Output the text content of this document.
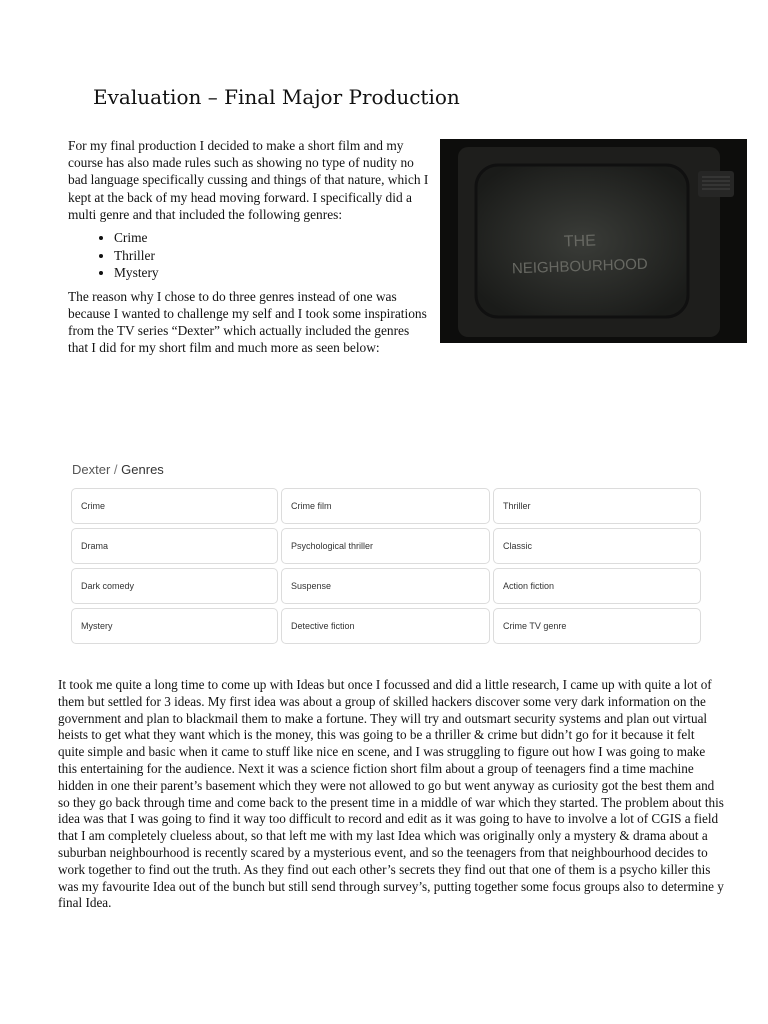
Evaluation – Final Major Production

For my final production I decided to make a short film and my course has also made rules such as showing no type of nudity no bad language specifically cussing and things of that nature, which I kept at the back of my head moving forward. I specifically did a multi genre and that included the following genres:

• Crime
• Thriller
• Mystery

The reason why I chose to do three genres instead of one was because I wanted to challenge my self and I took some inspirations from the TV series “Dexter” which actually included the genres that I did for my short film and much more as seen below:

THE
NEIGHBOURHOOD
Dexter / Genres
Crime	Crime film	Thriller
Drama	Psychological thriller	Classic
Dark comedy	Suspense	Action fiction
Mystery	Detective fiction	Crime TV genre

It took me quite a long time to come up with Ideas but once I focussed and did a little research, I came up with quite a lot of them but settled for 3 ideas. My first idea was about a group of skilled hackers discover some very dark information on the government and plan to blackmail them to make a fortune. They will try and outsmart security systems and plan out virtual heists to get what they want which is the money, this was going to be a thriller & crime but didn’t go for it because it felt quite simple and basic when it came to stuff like nice en scene, and I was struggling to figure out how I was going to make this entertaining for the audience. Next it was a science fiction short film about a group of teenagers find a time machine hidden in one their parent’s basement which they were not allowed to go but went anyway as curiosity got the best them and so they go back through time and come back to the present time in a middle of war which they started. The problem about this idea was that I was going to find it way too difficult to record and edit as it was going to have to involve a lot of CGIS a field that I am completely clueless about, so that left me with my last Idea which was originally only a mystery & drama about a suburban neighbourhood is recently scared by a mysterious event, and so the teenagers from that neighbourhood decides to work together to find out the truth. As they find out each other’s secrets they find out that one of them is a psycho killer this was my favourite Idea out of the bunch but still send through survey’s, putting together some focus groups also to determine y final Idea.
